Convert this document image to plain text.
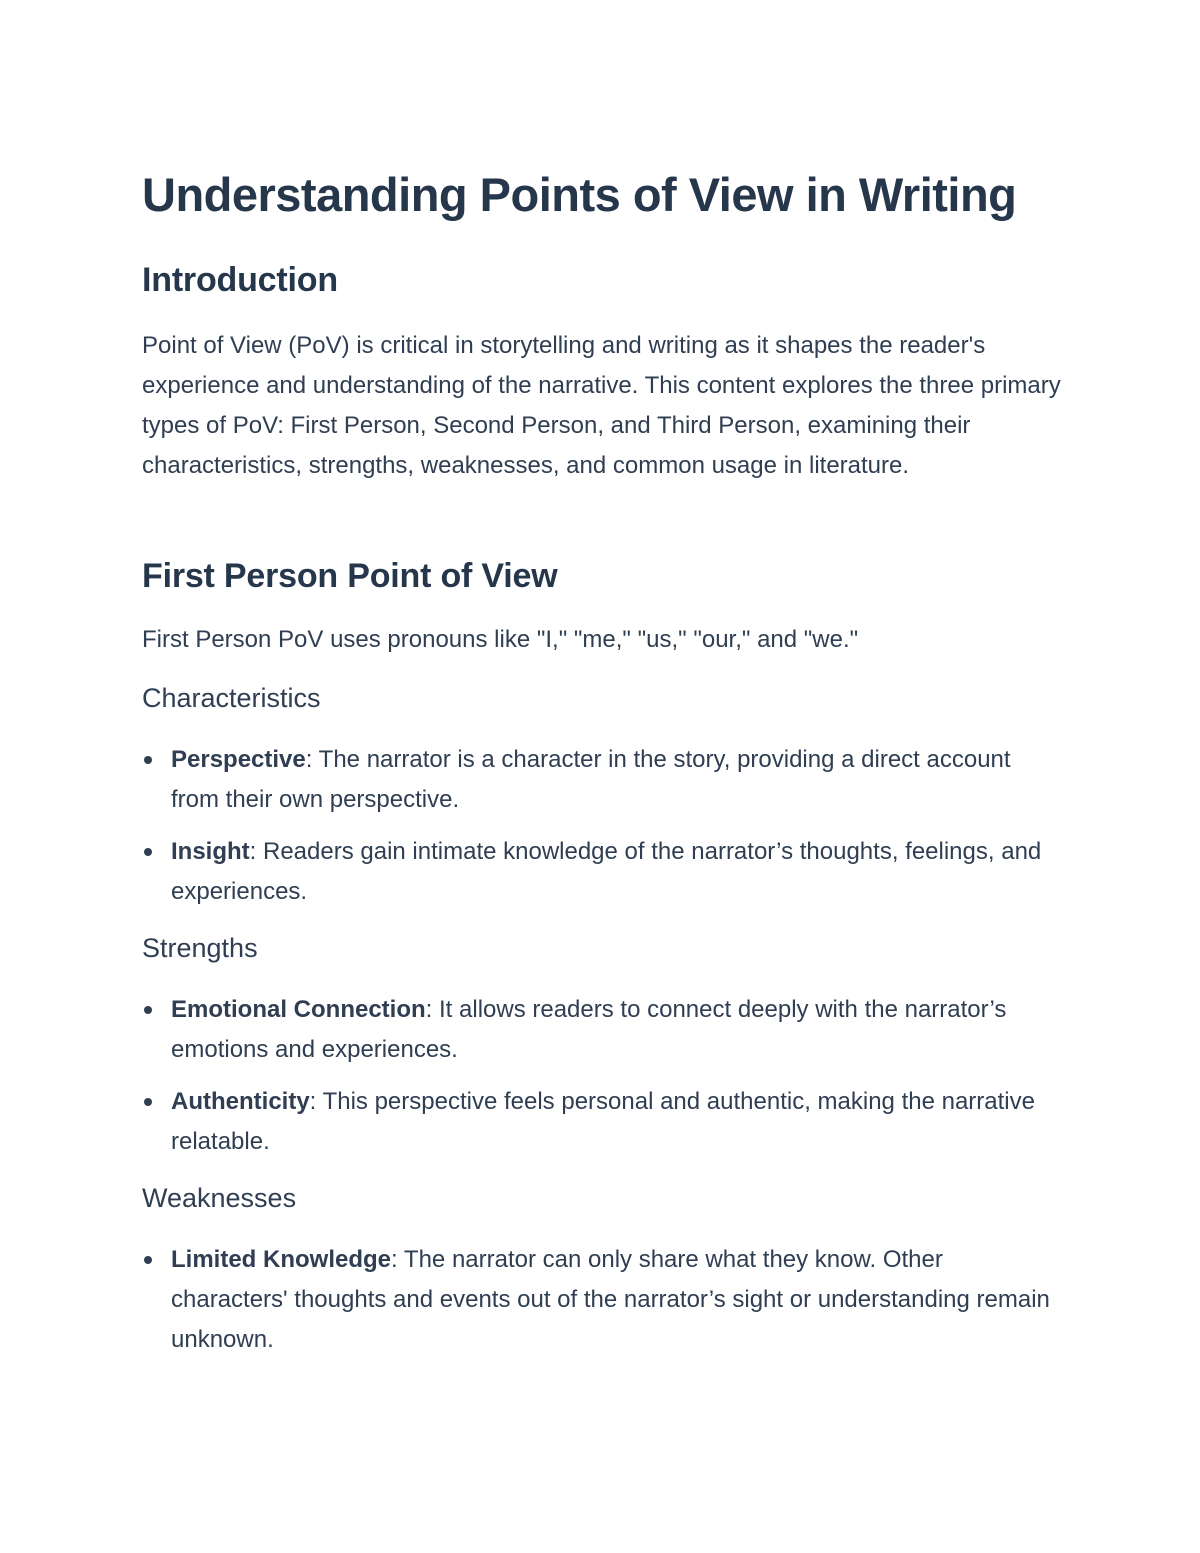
Understanding Points of View in Writing
Introduction

Point of View (PoV) is critical in storytelling and writing as it shapes the reader's experience and understanding of the narrative. This content explores the three primary types of PoV: First Person, Second Person, and Third Person, examining their characteristics, strengths, weaknesses, and common usage in literature.

First Person Point of View

First Person PoV uses pronouns like "I," "me," "us," "our," and "we."

Characteristics
Perspective: The narrator is a character in the story, providing a direct account from their own perspective.
Insight: Readers gain intimate knowledge of the narrator’s thoughts, feelings, and experiences.
Strengths
Emotional Connection: It allows readers to connect deeply with the narrator’s emotions and experiences.
Authenticity: This perspective feels personal and authentic, making the narrative relatable.
Weaknesses
Limited Knowledge: The narrator can only share what they know. Other characters' thoughts and events out of the narrator’s sight or understanding remain unknown.
